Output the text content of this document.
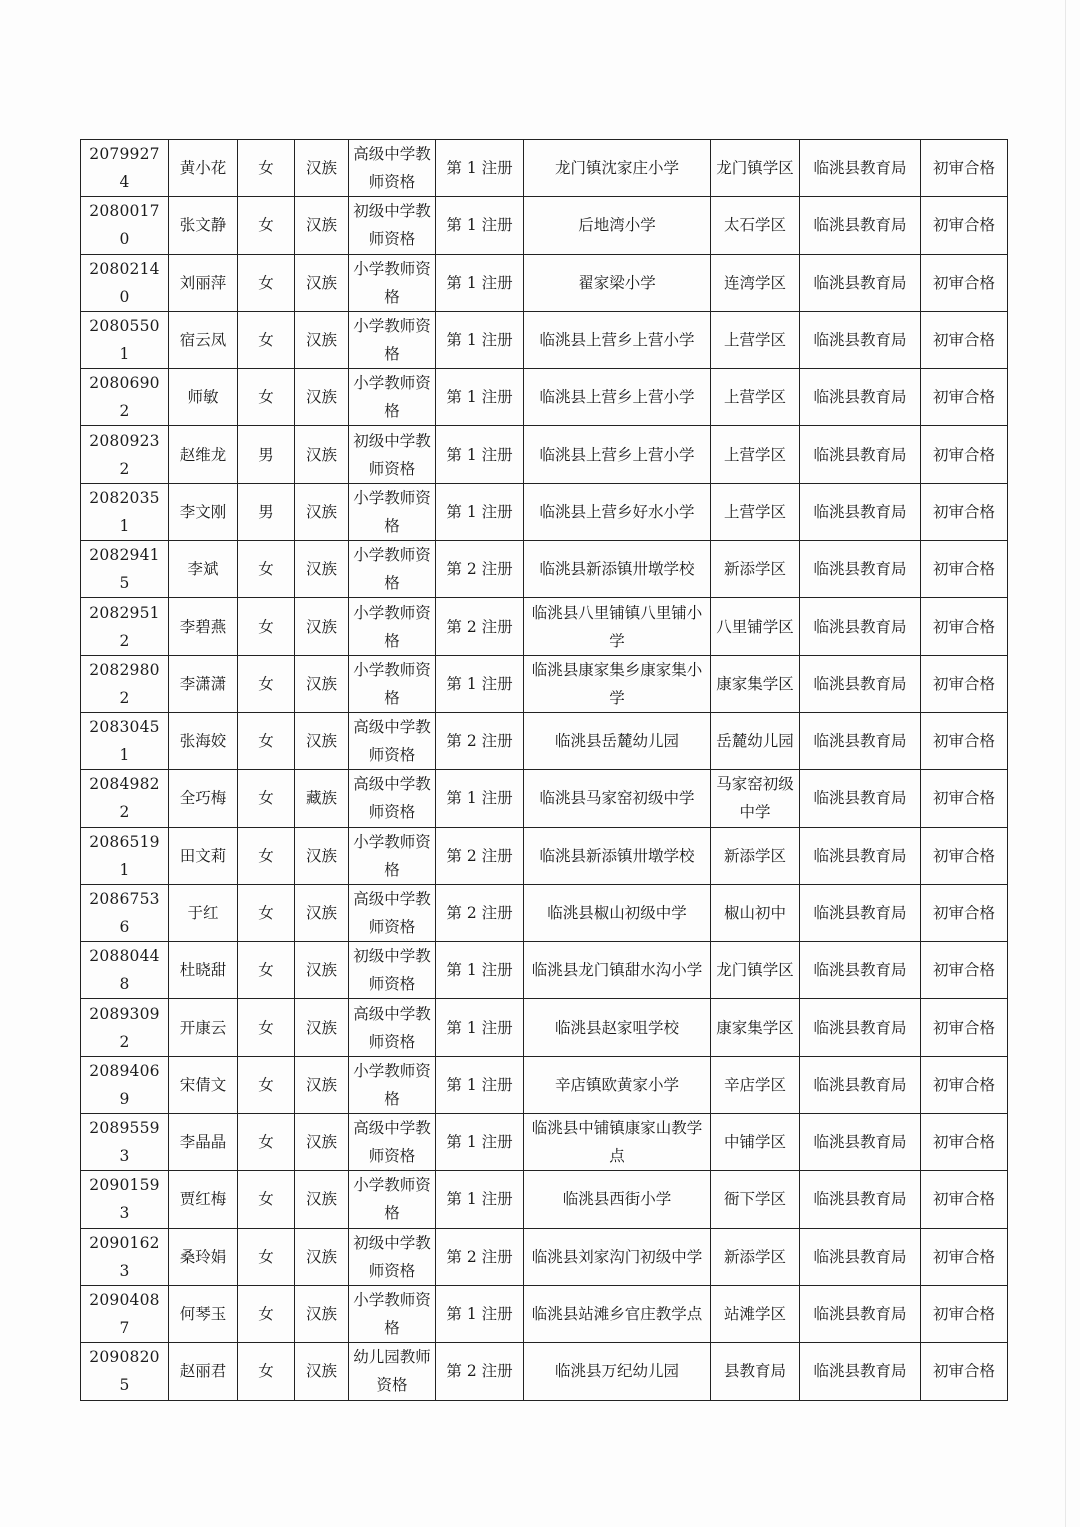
20799274	黄小花	女	汉族	高级中学教师资格	第 1 注册	龙门镇沈家庄小学	龙门镇学区	临洮县教育局	初审合格
20800170	张文静	女	汉族	初级中学教师资格	第 1 注册	后地湾小学	太石学区	临洮县教育局	初审合格
20802140	刘丽萍	女	汉族	小学教师资格	第 1 注册	翟家梁小学	连湾学区	临洮县教育局	初审合格
20805501	宿云凤	女	汉族	小学教师资格	第 1 注册	临洮县上营乡上营小学	上营学区	临洮县教育局	初审合格
20806902	师敏	女	汉族	小学教师资格	第 1 注册	临洮县上营乡上营小学	上营学区	临洮县教育局	初审合格
20809232	赵维龙	男	汉族	初级中学教师资格	第 1 注册	临洮县上营乡上营小学	上营学区	临洮县教育局	初审合格
20820351	李文刚	男	汉族	小学教师资格	第 1 注册	临洮县上营乡好水小学	上营学区	临洮县教育局	初审合格
20829415	李斌	女	汉族	小学教师资格	第 2 注册	临洮县新添镇卅墩学校	新添学区	临洮县教育局	初审合格
20829512	李碧燕	女	汉族	小学教师资格	第 2 注册	临洮县八里铺镇八里铺小学	八里铺学区	临洮县教育局	初审合格
20829802	李潇潇	女	汉族	小学教师资格	第 1 注册	临洮县康家集乡康家集小学	康家集学区	临洮县教育局	初审合格
20830451	张海姣	女	汉族	高级中学教师资格	第 2 注册	临洮县岳麓幼儿园	岳麓幼儿园	临洮县教育局	初审合格
20849822	全巧梅	女	藏族	高级中学教师资格	第 1 注册	临洮县马家窑初级中学	马家窑初级中学	临洮县教育局	初审合格
20865191	田文莉	女	汉族	小学教师资格	第 2 注册	临洮县新添镇卅墩学校	新添学区	临洮县教育局	初审合格
20867536	于红	女	汉族	高级中学教师资格	第 2 注册	临洮县椒山初级中学	椒山初中	临洮县教育局	初审合格
20880448	杜晓甜	女	汉族	初级中学教师资格	第 1 注册	临洮县龙门镇甜水沟小学	龙门镇学区	临洮县教育局	初审合格
20893092	开康云	女	汉族	高级中学教师资格	第 1 注册	临洮县赵家咀学校	康家集学区	临洮县教育局	初审合格
20894069	宋倩文	女	汉族	小学教师资格	第 1 注册	辛店镇欧黄家小学	辛店学区	临洮县教育局	初审合格
20895593	李晶晶	女	汉族	高级中学教师资格	第 1 注册	临洮县中铺镇康家山教学点	中铺学区	临洮县教育局	初审合格
20901593	贾红梅	女	汉族	小学教师资格	第 1 注册	临洮县西街小学	衙下学区	临洮县教育局	初审合格
20901623	桑玲娟	女	汉族	初级中学教师资格	第 2 注册	临洮县刘家沟门初级中学	新添学区	临洮县教育局	初审合格
20904087	何琴玉	女	汉族	小学教师资格	第 1 注册	临洮县站滩乡官庄教学点	站滩学区	临洮县教育局	初审合格
20908205	赵丽君	女	汉族	幼儿园教师资格	第 2 注册	临洮县万纪幼儿园	县教育局	临洮县教育局	初审合格
